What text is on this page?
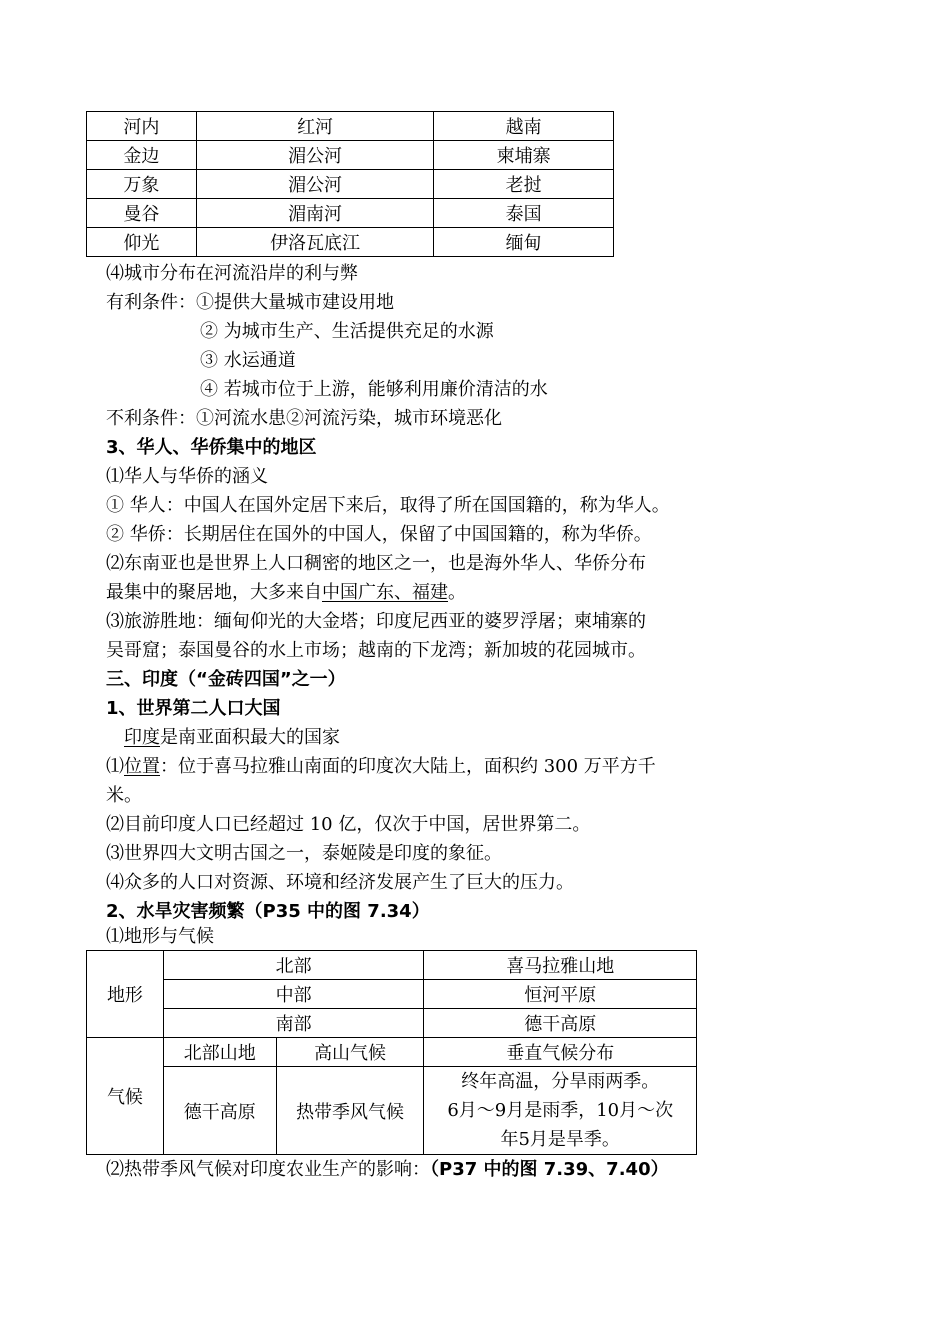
河内	红河	越南
金边	湄公河	柬埔寨
万象	湄公河	老挝
曼谷	湄南河	泰国
仰光	伊洛瓦底江	缅甸
⑷城市分布在河流沿岸的利与弊
有利条件：①提供大量城市建设用地
② 为城市生产、生活提供充足的水源
③ 水运通道
④ 若城市位于上游，能够利用廉价清洁的水
不利条件：①河流水患②河流污染，城市环境恶化
3、华人、华侨集中的地区
⑴华人与华侨的涵义
① 华人：中国人在国外定居下来后，取得了所在国国籍的，称为华人。
② 华侨：长期居住在国外的中国人，保留了中国国籍的，称为华侨。
⑵东南亚也是世界上人口稠密的地区之一，也是海外华人、华侨分布
最集中的聚居地，大多来自中国广东、福建。
⑶旅游胜地：缅甸仰光的大金塔；印度尼西亚的婆罗浮屠；柬埔寨的
吴哥窟；泰国曼谷的水上市场；越南的下龙湾；新加坡的花园城市。
三、印度（“金砖四国”之一）
1、世界第二人口大国
印度是南亚面积最大的国家
⑴位置：位于喜马拉雅山南面的印度次大陆上，面积约 300 万平方千
米。
⑵目前印度人口已经超过 10 亿，仅次于中国，居世界第二。
⑶世界四大文明古国之一，泰姬陵是印度的象征。
⑷众多的人口对资源、环境和经济发展产生了巨大的压力。
2、水旱灾害频繁（P35 中的图 7.34）
⑴地形与气候
地形	北部		喜马拉雅山地
	中部		恒河平原
	南部		德干高原
气候	北部山地	高山气候	垂直气候分布
	德干高原	热带季风气候	终年高温，分旱雨两季。
6月～9月是雨季，10月～次
年5月是旱季。
⑵热带季风气候对印度农业生产的影响：（P37 中的图 7.39、7.40）
